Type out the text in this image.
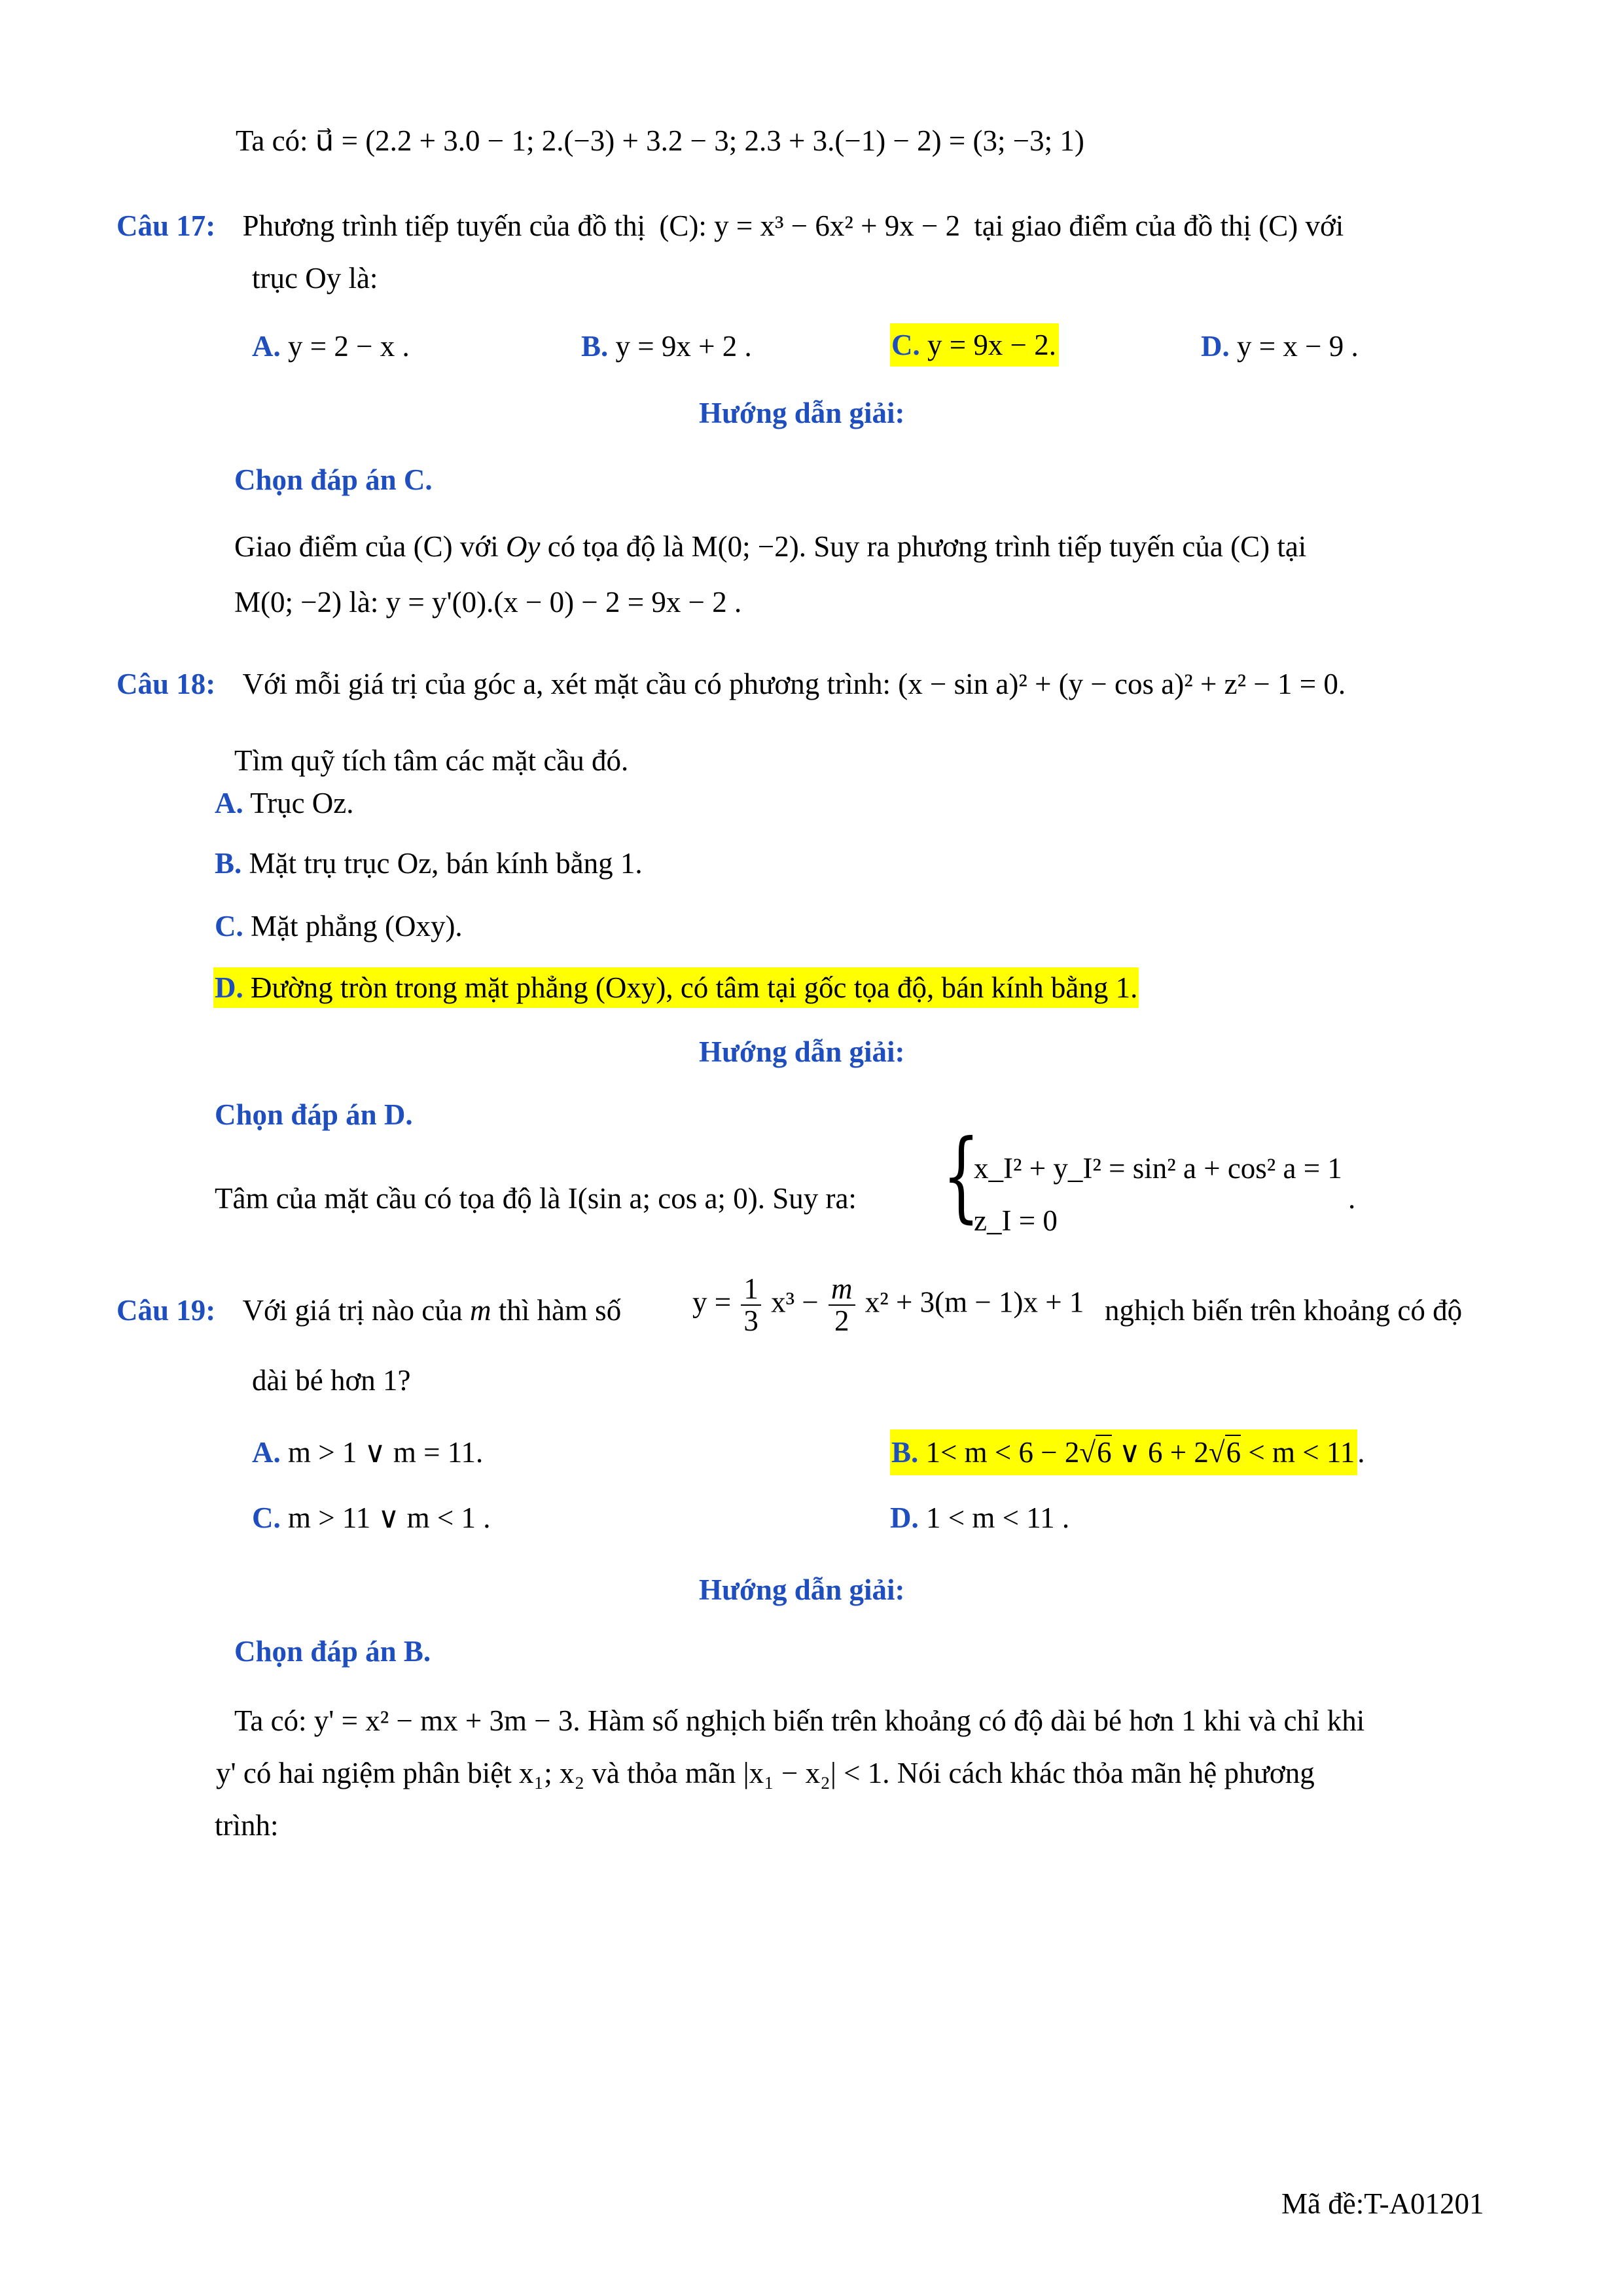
Ta có: u⃗ = (2.2 + 3.0 − 1; 2.(−3) + 3.2 − 3; 2.3 + 3.(−1) − 2) = (3; −3; 1)
Câu 17: Phương trình tiếp tuyến của đồ thị (C): y = x³ − 6x² + 9x − 2 tại giao điểm của đồ thị (C) với
trục Oy là:
A. y = 2 − x .	B. y = 9x + 2 .	C. y = 9x − 2.	D. y = x − 9 .
Hướng dẫn giải:
Chọn đáp án C.
Giao điểm của (C) với Oy có tọa độ là M(0; −2). Suy ra phương trình tiếp tuyến của (C) tại
M(0; −2) là: y = y'(0).(x − 0) − 2 = 9x − 2 .
Câu 18: Với mỗi giá trị của góc a, xét mặt cầu có phương trình: (x − sin a)² + (y − cos a)² + z² − 1 = 0.
Tìm quỹ tích tâm các mặt cầu đó.
A. Trục Oz.
B. Mặt trụ trục Oz, bán kính bằng 1.
C. Mặt phẳng (Oxy).
D. Đường tròn trong mặt phẳng (Oxy), có tâm tại gốc tọa độ, bán kính bằng 1.
Hướng dẫn giải:
Chọn đáp án D.
Tâm của mặt cầu có tọa độ là I(sin a; cos a; 0). Suy ra: {
x_I² + y_I² = sin² a + cos² a = 1
z_I = 0
.
Câu 19: Với giá trị nào của m thì hàm số $y = \frac{1}{3} x^3 - \frac{m}{2} x^2 + 3(m - 1)x + 1$ nghịch biến trên khoảng có độ
dài bé hơn 1?
A. m > 1 ∨ m = 11.	B. 1< m < 6 − 2√6 ∨ 6 + 2√6 < m < 11.
C. m > 11 ∨ m < 1 .	D. 1 < m < 11 .
Hướng dẫn giải:
Chọn đáp án B.
Ta có: y' = x² − mx + 3m − 3. Hàm số nghịch biến trên khoảng có độ dài bé hơn 1 khi và chỉ khi
y' có hai ngiệm phân biệt x₁; x₂ và thỏa mãn |x₁ − x₂| < 1. Nói cách khác thỏa mãn hệ phương
trình:
Mã đề:T-A01201
